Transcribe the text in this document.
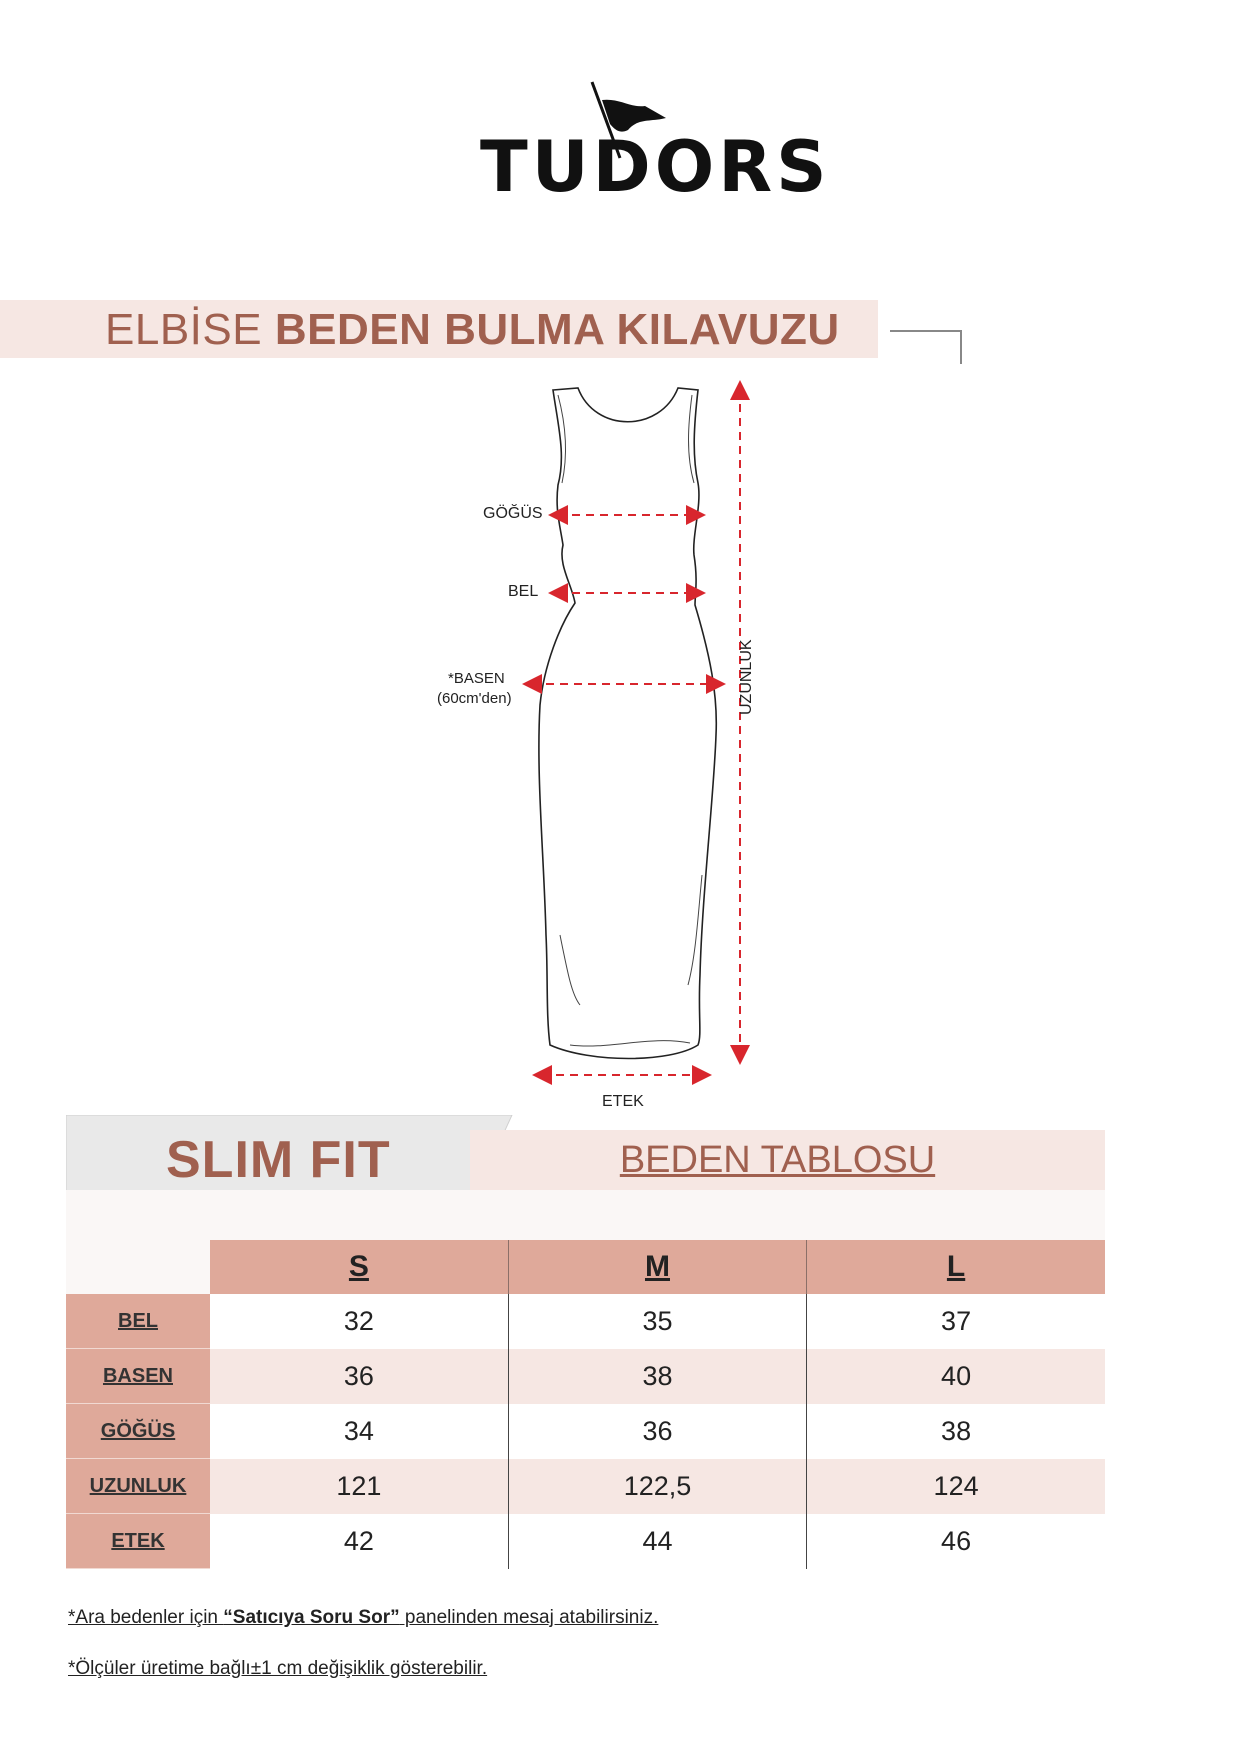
TUDORS
ELBİSE BEDEN BULMA KILAVUZU
GÖĞÜS
BEL
*BASEN
(60cm'den)	UZUNLUK
ETEK
SLIM FIT	BEDEN TABLOSU
	S	M	L
BEL	32	35	37
BASEN	36	38	40
GÖĞÜS	34	36	38
UZUNLUK	121	122,5	124
ETEK	42	44	46
*Ara bedenler için “Satıcıya Soru Sor” panelinden mesaj atabilirsiniz.
*Ölçüler üretime bağlı±1 cm değişiklik gösterebilir.
